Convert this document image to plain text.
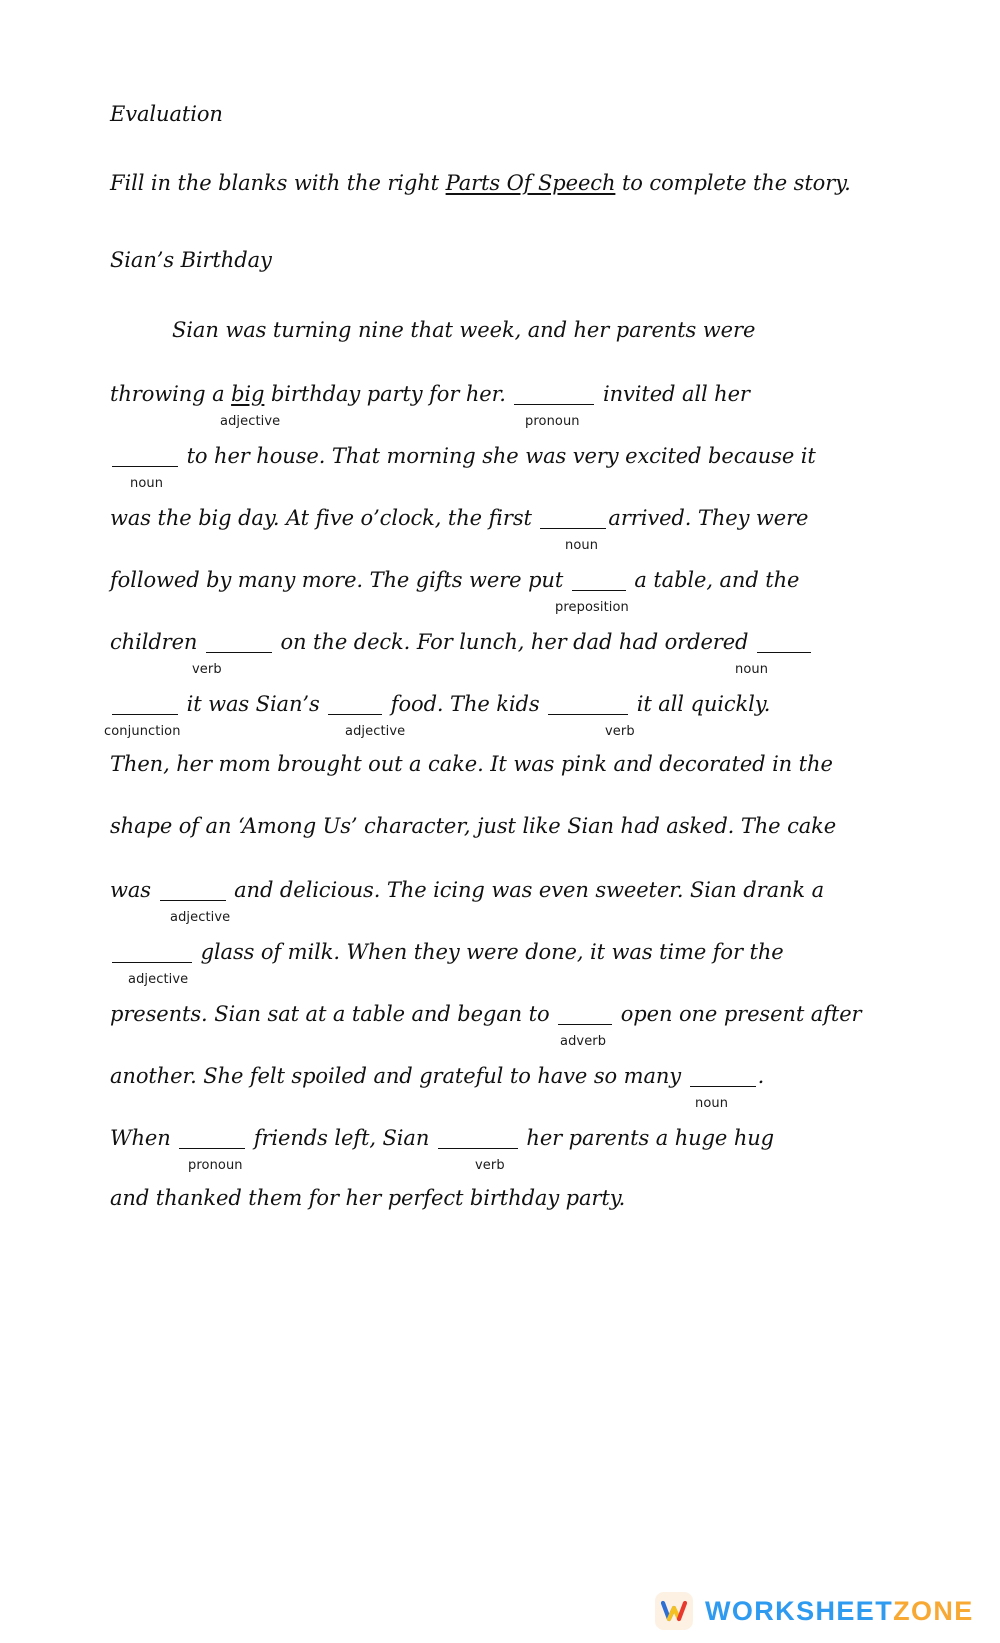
Evaluation
Fill in the blanks with the right Parts Of Speech to complete the story.
Sian’s Birthday
Sian was turning nine that week, and her parents were
throwing a big birthday party for her.	invited all her
adjective	pronoun
to her house. That morning she was very excited because it
noun
was the big day. At five o’clock, the first	arrived. They were
noun
followed by many more. The gifts were put	a table, and the
preposition
children	on the deck. For lunch, her dad had ordered
verb	noun
it was Sian’s	food. The kids	it all quickly.
conjunction	adjective	verb
Then, her mom brought out a cake. It was pink and decorated in the
shape of an ‘Among Us’ character, just like Sian had asked. The cake
was	and delicious. The icing was even sweeter. Sian drank a
adjective
glass of milk. When they were done, it was time for the
adjective
presents. Sian sat at a table and began to	open one present after
adverb
another. She felt spoiled and grateful to have so many	.
noun
When	friends left, Sian	her parents a huge hug
pronoun	verb
and thanked them for her perfect birthday party.
WORKSHEETZONE
